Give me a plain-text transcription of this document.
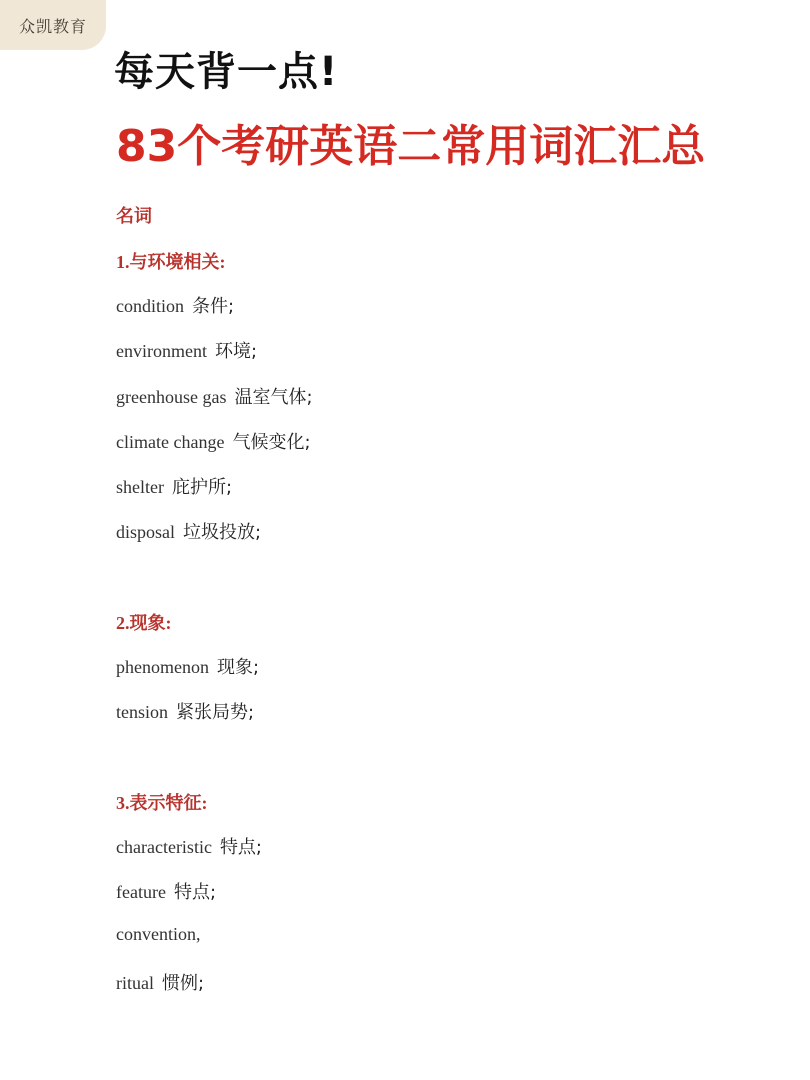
众凯教育
每天背一点!
83个考研英语二常用词汇汇总
名词
1.与环境相关:
condition 条件;
environment 环境;
greenhouse gas 温室气体;
climate change 气候变化;
shelter 庇护所;
disposal 垃圾投放;
2.现象:
phenomenon 现象;
tension 紧张局势;
3.表示特征:
characteristic 特点;
feature 特点;
convention,
ritual 惯例;
